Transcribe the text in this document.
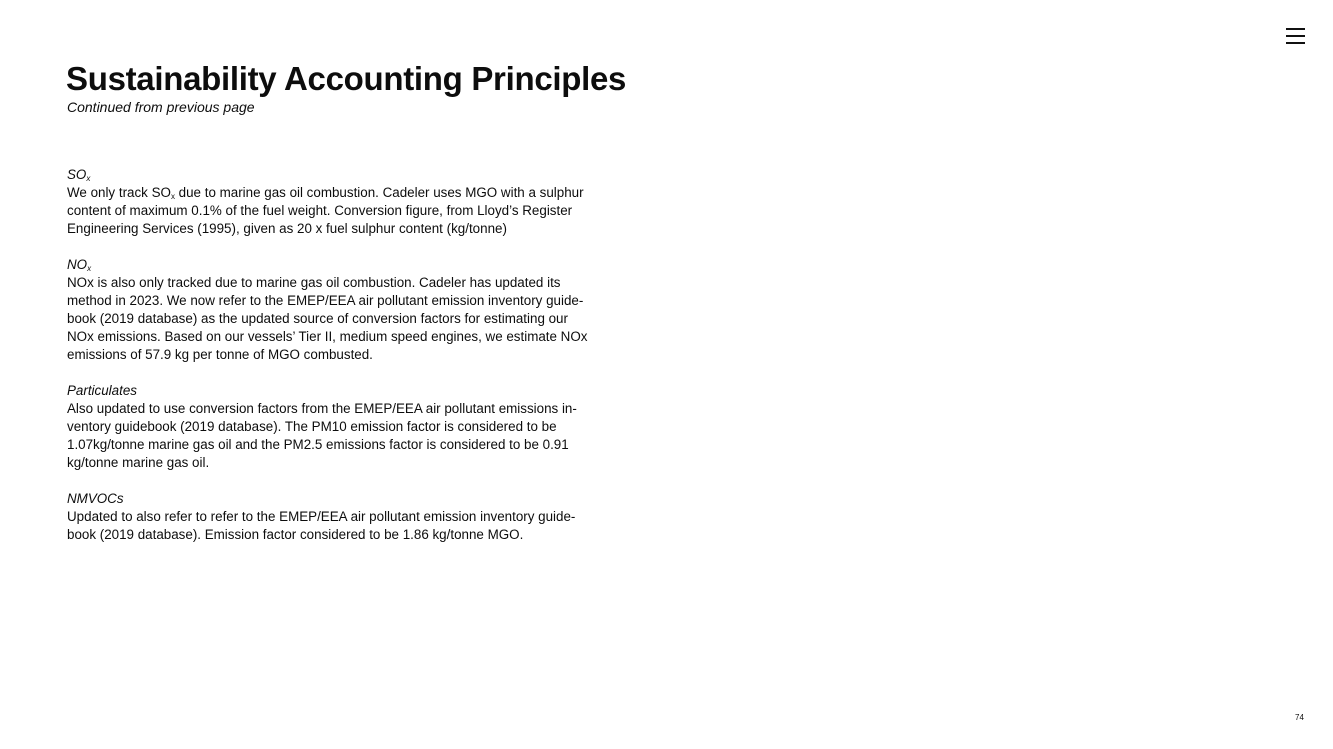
Sustainability Accounting Principles

Continued from previous page

$SO_x$

We only track $SO_x$ due to marine gas oil combustion. Cadeler uses MGO with a sulphur
content of maximum 0.1% of the fuel weight. Conversion figure, from Lloyd’s Register
Engineering Services (1995), given as 20 x fuel sulphur content (kg/tonne)

$NO_x$

NOx is also only tracked due to marine gas oil combustion. Cadeler has updated its
method in 2023. We now refer to the EMEP/EEA air pollutant emission inventory guide-
book (2019 database) as the updated source of conversion factors for estimating our
NOx emissions. Based on our vessels’ Tier II, medium speed engines, we estimate NOx
emissions of 57.9 kg per tonne of MGO combusted.

Particulates

Also updated to use conversion factors from the EMEP/EEA air pollutant emissions in-
ventory guidebook (2019 database). The PM10 emission factor is considered to be
1.07kg/tonne marine gas oil and the PM2.5 emissions factor is considered to be 0.91
kg/tonne marine gas oil.

NMVOCs

Updated to also refer to refer to the EMEP/EEA air pollutant emission inventory guide-
book (2019 database). Emission factor considered to be 1.86 kg/tonne MGO.

74
